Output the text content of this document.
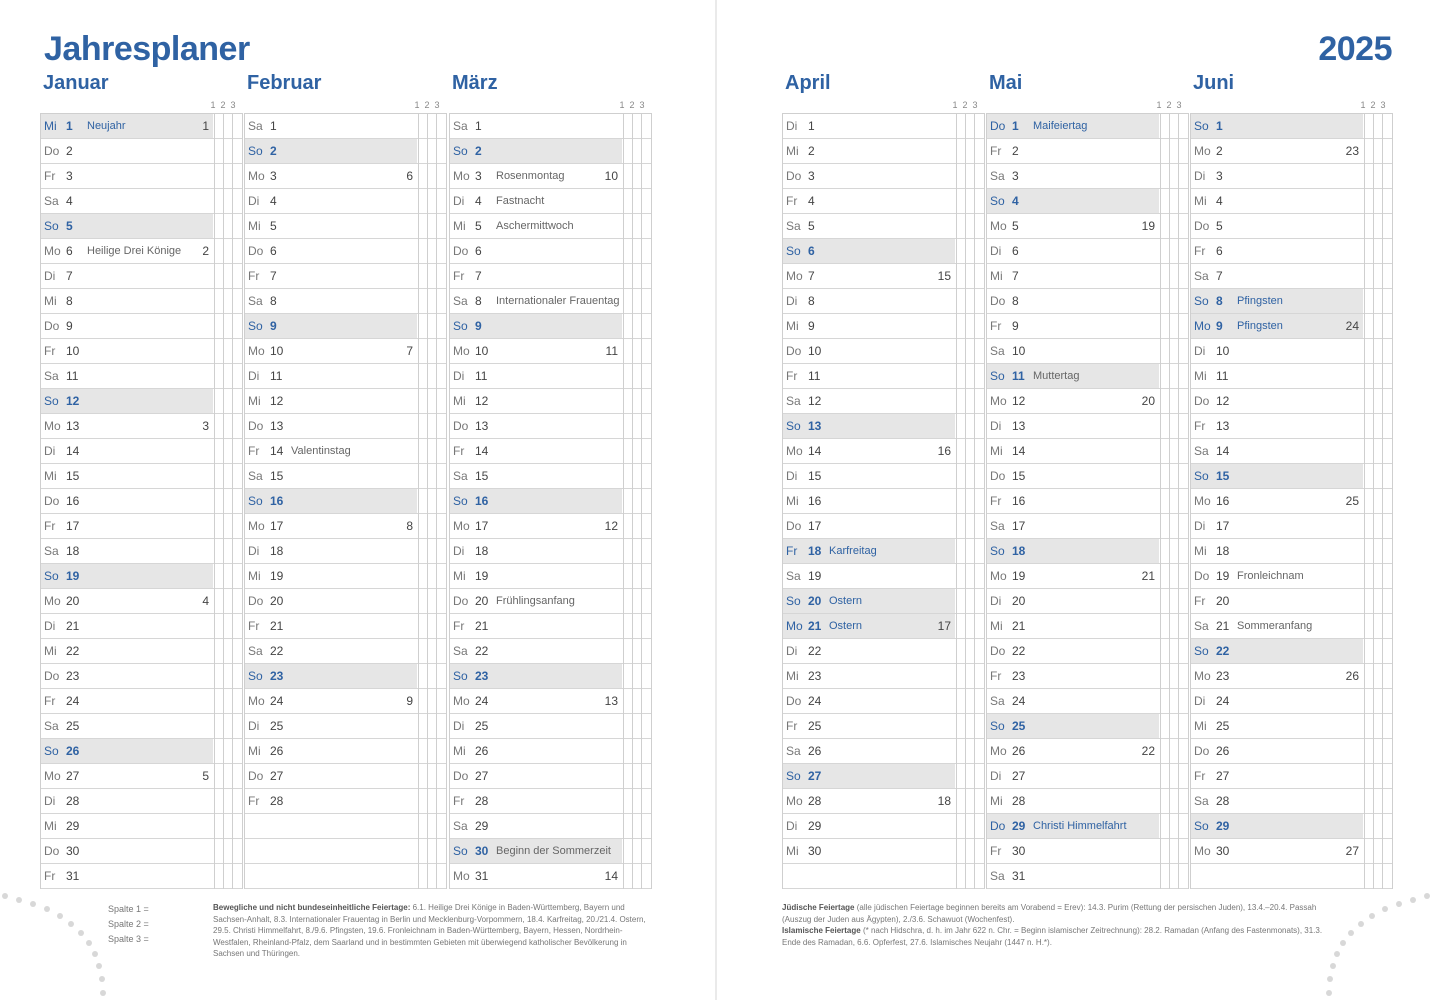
Jahresplaner
Januar
1 2 3
Mi 1 Neujahr	1
Do 2
Fr 3
Sa 4
So 5
Mo 6 Heilige Drei Könige 2
Di 7
Mi 8
Do 9
Fr 10
Sa 11
So 12
Mo 13	3
Di 14
Mi 15
Do 16
Fr 17
Sa 18
So 19
Mo 20	4
Di 21
Mi 22
Do 23
Fr 24
Sa 25
So 26
Mo 27	5
Di 28
Mi 29
Do 30
Fr 31
Februar
1 2 3
Sa 1
So 2
Mo 3	6
Di 4
Mi 5
Do 6
Fr 7
Sa 8
So 9
Mo 10	7
Di 11
Mi 12
Do 13
Fr 14 Valentinstag
Sa 15
So 16
Mo 17	8
Di 18
Mi 19
Do 20
Fr 21
Sa 22
So 23
Mo 24	9
Di 25
Mi 26
Do 27
Fr 28
März
1 2 3
Sa 1
So 2
Mo 3 Rosenmontag	10
Di 4 Fastnacht
Mi 5 Aschermittwoch
Do 6
Fr 7
Sa 8 Internationaler Frauentag
So 9
Mo 10	11
Di 11
Mi 12
Do 13
Fr 14
Sa 15
So 16
Mo 17	12
Di 18
Mi 19
Do 20 Frühlingsanfang
Fr 21
Sa 22
So 23
Mo 24	13
Di 25
Mi 26
Do 27
Fr 28
Sa 29
So 30 Beginn der Sommerzeit
Mo 31	14
Spalte 1 =
Spalte 2 =
Spalte 3 =
Bewegliche und nicht bundeseinheitliche Feiertage: 6.1. Heilige Drei Könige in Baden-Württemberg, Bayern und Sachsen-Anhalt, 8.3. Internationaler Frauentag in Berlin und Mecklenburg-Vorpommern, 18.4. Karfreitag, 20./21.4. Ostern, 29.5. Christi Himmelfahrt, 8./9.6. Pfingsten, 19.6. Fronleichnam in Baden-Württemberg, Bayern, Hessen, Nordrhein-Westfalen, Rheinland-Pfalz, dem Saarland und in bestimmten Gebieten mit überwiegend katholischer Bevölkerung in Sachsen und Thüringen.
2025
April
1 2 3
Di 1
Mi 2
Do 3
Fr 4
Sa 5
So 6
Mo 7	15
Di 8
Mi 9
Do 10
Fr 11
Sa 12
So 13
Mo 14	16
Di 15
Mi 16
Do 17
Fr 18 Karfreitag
Sa 19
So 20 Ostern
Mo 21 Ostern	17
Di 22
Mi 23
Do 24
Fr 25
Sa 26
So 27
Mo 28	18
Di 29
Mi 30
Mai
1 2 3
Do 1 Maifeiertag
Fr 2
Sa 3
So 4
Mo 5	19
Di 6
Mi 7
Do 8
Fr 9
Sa 10
So 11 Muttertag
Mo 12	20
Di 13
Mi 14
Do 15
Fr 16
Sa 17
So 18
Mo 19	21
Di 20
Mi 21
Do 22
Fr 23
Sa 24
So 25
Mo 26	22
Di 27
Mi 28
Do 29 Christi Himmelfahrt
Fr 30
Sa 31
Juni
1 2 3
So 1
Mo 2	23
Di 3
Mi 4
Do 5
Fr 6
Sa 7
So 8 Pfingsten
Mo 9 Pfingsten	24
Di 10
Mi 11
Do 12
Fr 13
Sa 14
So 15
Mo 16	25
Di 17
Mi 18
Do 19 Fronleichnam
Fr 20
Sa 21 Sommeranfang
So 22
Mo 23	26
Di 24
Mi 25
Do 26
Fr 27
Sa 28
So 29
Mo 30	27
Jüdische Feiertage (alle jüdischen Feiertage beginnen bereits am Vorabend = Erev): 14.3. Purim (Rettung der persischen Juden), 13.4.–20.4. Passah (Auszug der Juden aus Ägypten), 2./3.6. Schawuot (Wochenfest).
Islamische Feiertage (* nach Hidschra, d. h. im Jahr 622 n. Chr. = Beginn islamischer Zeitrechnung): 28.2. Ramadan (Anfang des Fastenmonats), 31.3. Ende des Ramadan, 6.6. Opferfest, 27.6. Islamisches Neujahr (1447 n. H.*).
